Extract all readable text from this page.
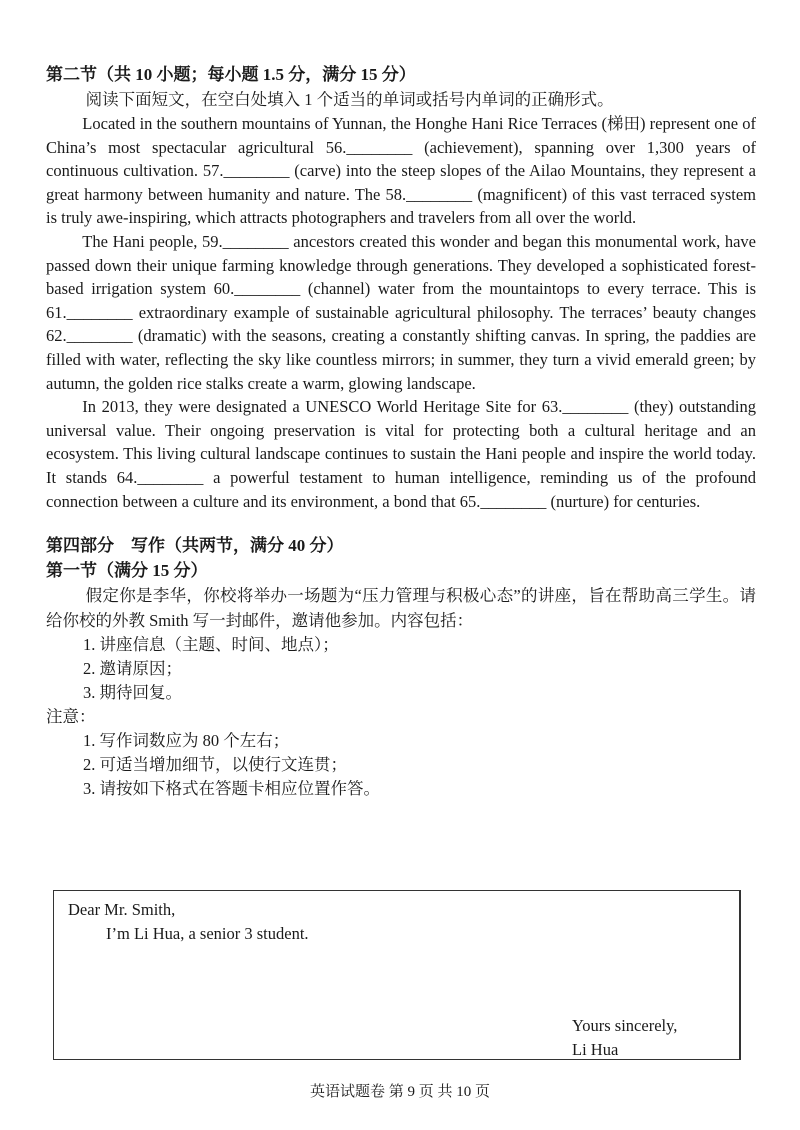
第二节（共 10 小题；每小题 1.5 分，满分 15 分）

阅读下面短文，在空白处填入 1 个适当的单词或括号内单词的正确形式。

Located in the southern mountains of Yunnan, the Honghe Hani Rice Terraces (梯田) represent one of China’s most spectacular agricultural 56.________ (achievement), spanning over 1,300 years of continuous cultivation. 57.________ (carve) into the steep slopes of the Ailao Mountains, they represent a great harmony between humanity and nature. The 58.________ (magnificent) of this vast terraced system is truly awe-inspiring, which attracts photographers and travelers from all over the world.

The Hani people, 59.________ ancestors created this wonder and began this monumental work, have passed down their unique farming knowledge through generations. They developed a sophisticated forest-based irrigation system 60.________ (channel) water from the mountaintops to every terrace. This is 61.________ extraordinary example of sustainable agricultural philosophy. The terraces’ beauty changes 62.________ (dramatic) with the seasons, creating a constantly shifting canvas. In spring, the paddies are filled with water, reflecting the sky like countless mirrors; in summer, they turn a vivid emerald green; by autumn, the golden rice stalks create a warm, glowing landscape.

In 2013, they were designated a UNESCO World Heritage Site for 63.________ (they) outstanding universal value. Their ongoing preservation is vital for protecting both a cultural heritage and an ecosystem. This living cultural landscape continues to sustain the Hani people and inspire the world today. It stands 64.________ a powerful testament to human intelligence, reminding us of the profound connection between a culture and its environment, a bond that 65.________ (nurture) for centuries.

第四部分　写作（共两节，满分 40 分）

第一节（满分 15 分）

假定你是李华，你校将举办一场题为“压力管理与积极心态”的讲座，旨在帮助高三学生。请给你校的外教 Smith 写一封邮件，邀请他参加。内容包括：

1. 讲座信息（主题、时间、地点）；

2. 邀请原因；

3. 期待回复。

注意：

1. 写作词数应为 80 个左右；

2. 可适当增加细节，以使行文连贯；

3. 请按如下格式在答题卡相应位置作答。

Dear Mr. Smith,
I’m Li Hua, a senior 3 student.
Yours sincerely,
Li Hua
英语试题卷 第 9 页 共 10 页
